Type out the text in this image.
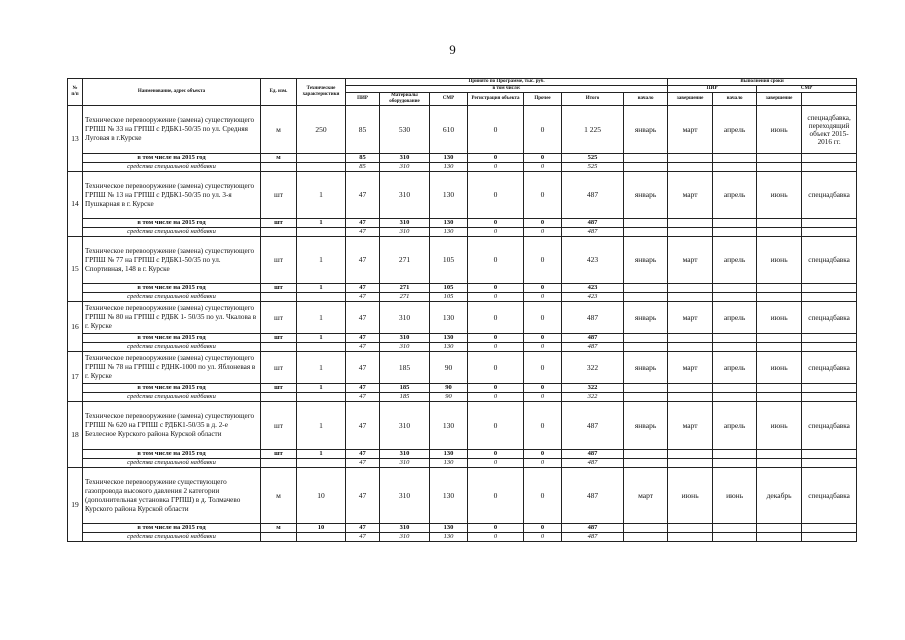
9
№ п/п	Наименование, адрес объекта	Ед. изм.	Технические характеристики	Принято по Программе, тыс. руб.							Выполнения сроки	
				в том числе:							ПИР		СМР		
				ПИР	Материалы оборудование	СМР	Регистрация объекта	Прочее	Итого	начало	завершение	начало	завершение		
13	Техническое перевооружение (замена) существующего ГРПШ № 33 на ГРПШ с РДБК1-50/35 по ул. Средняя Луговая в г.Курске	м	250	85	530	610	0	0	1 225	январь	март	апрель	июнь	спецнадбавка, переходящий объект 2015-2016 гг.	
	в том числе на 2015 год	м		85	310	130	0	0	525						
	средства специальной надбавки			85	310	130	0	0	525						
14	Техническое перевооружение (замена) существующего ГРПШ № 13 на ГРПШ с РДБК1-50/35 по ул. 3-я Пушкарная в г. Курске	шт	1	47	310	130	0	0	487	январь	март	апрель	июнь	спецнадбавка	
	в том числе на 2015 год	шт	1	47	310	130	0	0	487						
	средства специальной надбавки			47	310	130	0	0	487						
15	Техническое перевооружение (замена) существующего ГРПШ № 77 на ГРПШ с РДБК1-50/35 по ул. Спортивная, 148 в г. Курске	шт	1	47	271	105	0	0	423	январь	март	апрель	июнь	спецнадбавка	
	в том числе на 2015 год	шт	1	47	271	105	0	0	423						
	средства специальной надбавки			47	271	105	0	0	423						
16	Техническое перевооружение (замена) существующего ГРПШ № 80 на ГРПШ с РДБК 1- 50/35 по ул. Чкалова в г. Курске	шт	1	47	310	130	0	0	487	январь	март	апрель	июнь	спецнадбавка	
	в том числе на 2015 год	шт	1	47	310	130	0	0	487						
	средства специальной надбавки			47	310	130	0	0	487						
17	Техническое перевооружение (замена) существующего ГРПШ № 78 на ГРПШ с РДНК-1000 по ул. Яблоневая в г. Курске	шт	1	47	185	90	0	0	322	январь	март	апрель	июнь	спецнадбавка	
	в том числе на 2015 год	шт	1	47	185	90	0	0	322						
	средства специальной надбавки			47	185	90	0	0	322						
18	Техническое перевооружение (замена) существующего ГРПШ № 620 на ГРПШ с РДБК1-50/35 в д. 2-е Безлесное Курского района Курской области	шт	1	47	310	130	0	0	487	январь	март	апрель	июнь	спецнадбавка	
	в том числе на 2015 год	шт	1	47	310	130	0	0	487						
	средства специальной надбавки			47	310	130	0	0	487						
19	Техническое перевооружение существующего газопровода высокого давления 2 категории (дополнительная установка ГРПШ) в д. Толмачево Курского района Курской области	м	10	47	310	130	0	0	487	март	июнь	июнь	декабрь	спецнадбавка	
	в том числе на 2015 год	м	10	47	310	130	0	0	487						
	средства специальной надбавки			47	310	130	0	0	487						
